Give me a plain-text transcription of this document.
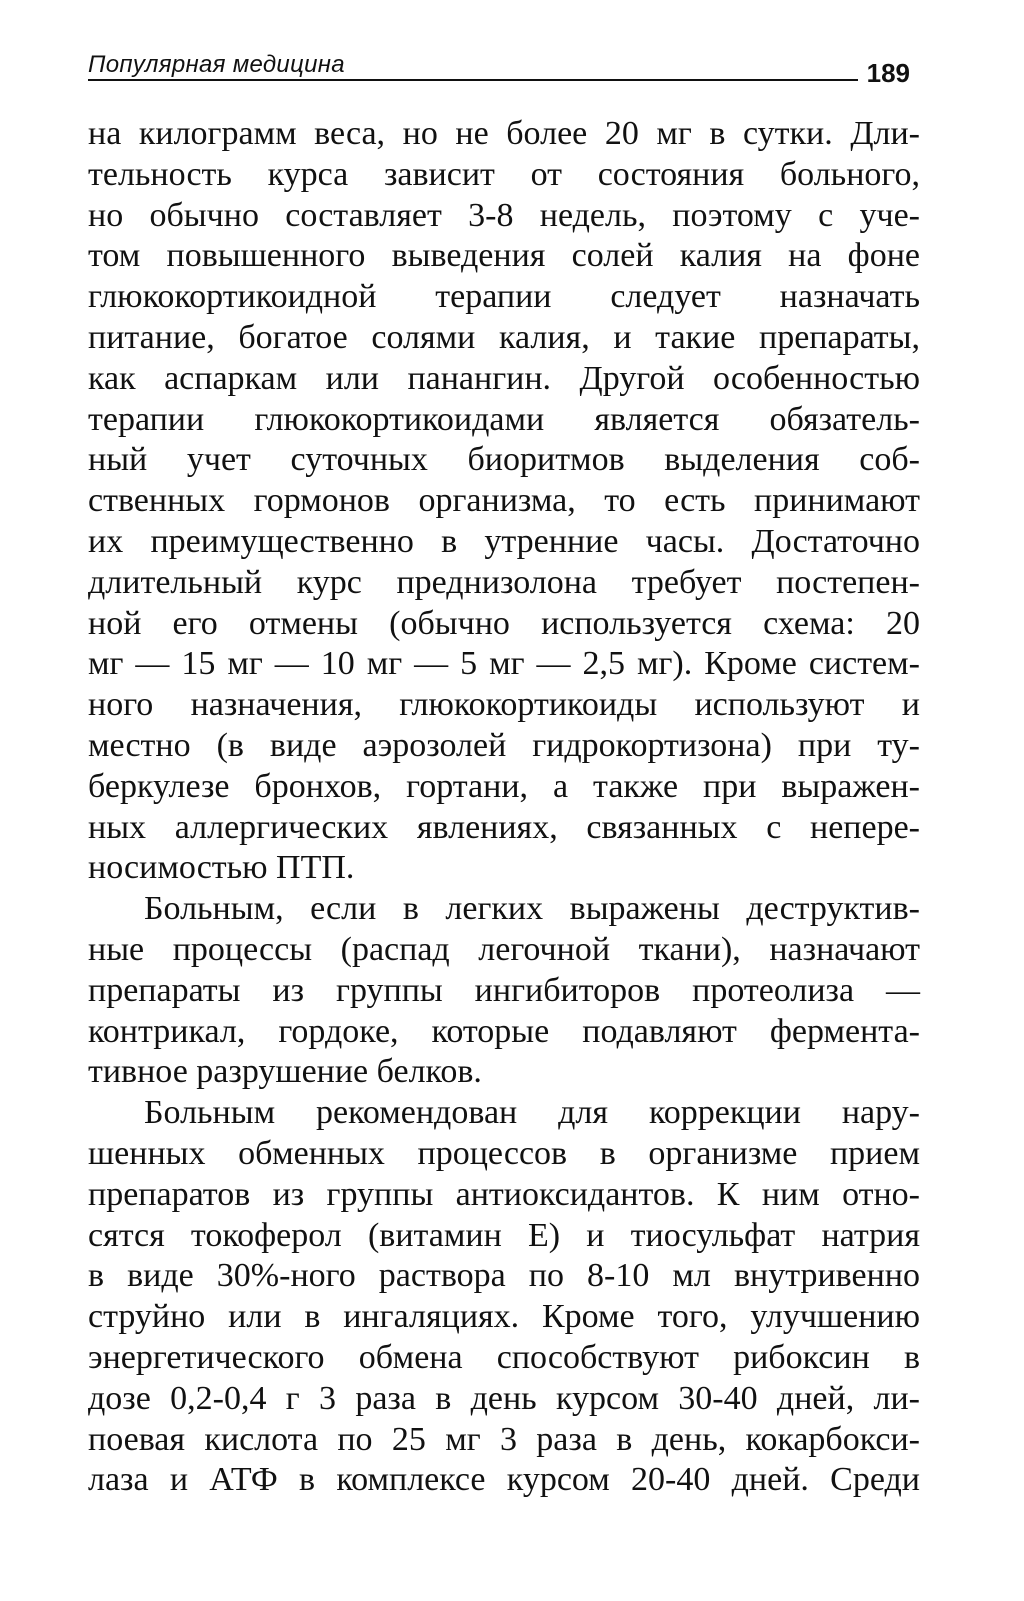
Популярная медицина	189
на килограмм веса, но не более 20 мг в сутки. Дли-
тельность курса зависит от состояния больного,
но обычно составляет 3-8 недель, поэтому с уче-
том повышенного выведения солей калия на фоне
глюкокортикоидной терапии следует назначать
питание, богатое солями калия, и такие препараты,
как аспаркам или панангин. Другой особенностью
терапии глюкокортикоидами является обязатель-
ный учет суточных биоритмов выделения соб-
ственных гормонов организма, то есть принимают
их преимущественно в утренние часы. Достаточно
длительный курс преднизолона требует постепен-
ной его отмены (обычно используется схема: 20
мг — 15 мг — 10 мг — 5 мг — 2,5 мг). Кроме систем-
ного назначения, глюкокортикоиды используют и
местно (в виде аэрозолей гидрокортизона) при ту-
беркулезе бронхов, гортани, а также при выражен-
ных аллергических явлениях, связанных с непере-
носимостью ПТП.
Больным, если в легких выражены деструктив-
ные процессы (распад легочной ткани), назначают
препараты из группы ингибиторов протеолиза —
контрикал, гордоке, которые подавляют фермента-
тивное разрушение белков.
Больным рекомендован для коррекции нару-
шенных обменных процессов в организме прием
препаратов из группы антиоксидантов. К ним отно-
сятся токоферол (витамин Е) и тиосульфат натрия
в виде 30%-ного раствора по 8-10 мл внутривенно
струйно или в ингаляциях. Кроме того, улучшению
энергетического обмена способствуют рибоксин в
дозе 0,2-0,4 г 3 раза в день курсом 30-40 дней, ли-
поевая кислота по 25 мг 3 раза в день, кокарбокси-
лаза и АТФ в комплексе курсом 20-40 дней. Среди
